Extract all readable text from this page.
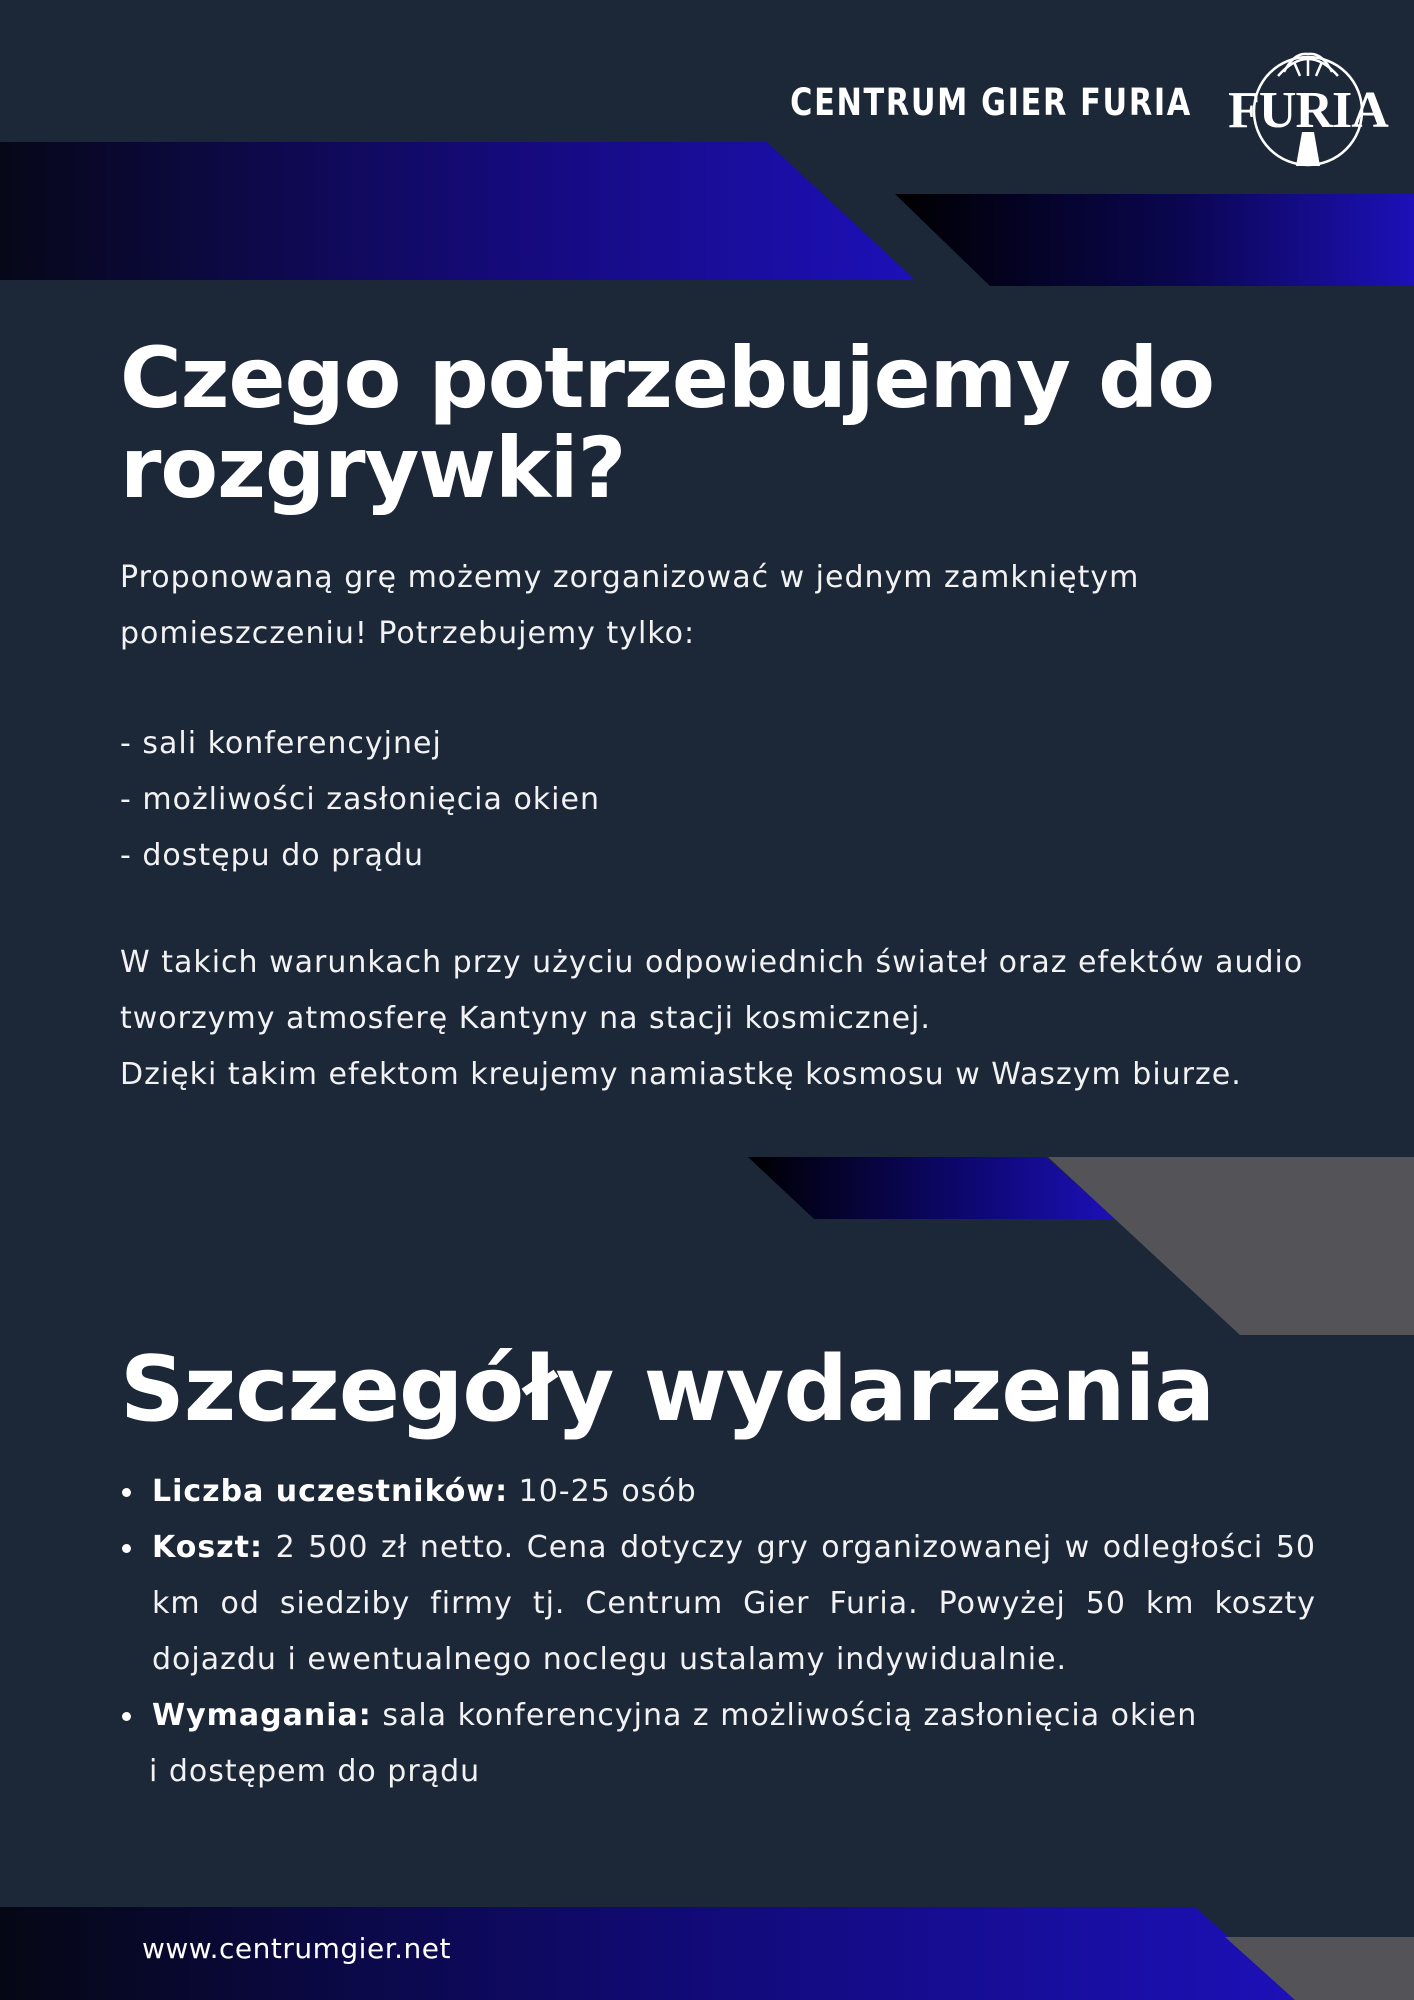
CENTRUM GIER FURIA FURIA
Czego potrzebujemy do rozgrywki?

Proponowaną grę możemy zorganizować w jednym zamkniętym pomieszczeniu! Potrzebujemy tylko:

- sali konferencyjnej
- możliwości zasłonięcia okien
- dostępu do prądu
W takich warunkach przy użyciu odpowiednich świateł oraz efektów audio tworzymy atmosferę Kantyny na stacji kosmicznej.
Dzięki takim efektom kreujemy namiastkę kosmosu w Waszym biurze.
Szczegóły wydarzenia
Liczba uczestników: 10-25 osób
Koszt: 2 500 zł netto. Cena dotyczy gry organizowanej w odległości 50 km od siedziby firmy tj. Centrum Gier Furia. Powyżej 50 km koszty dojazdu i ewentualnego noclegu ustalamy indywidualnie.
Wymagania: sala konferencyjna z możliwością zasłonięcia okien
i dostępem do prądu
www.centrumgier.net
